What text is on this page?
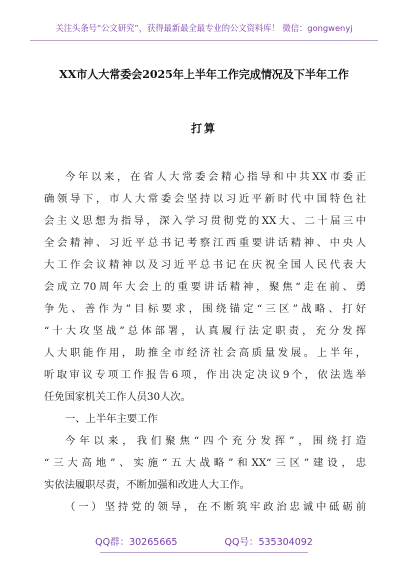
关注头条号“公文研究”，获得最新最全最专业的公文资料库！ 微信：gongwenyj
XX市人大常委会2025年上半年工作完成情况及下半年工作
打算
今年以来，在省人大常委会精心指导和中共XX市委正
确领导下，市人大常委会坚持以习近平新时代中国特色社
会主义思想为指导，深入学习贯彻党的XX大、二十届三中
全会精神、习近平总书记考察江西重要讲话精神、中央人
大工作会议精神以及习近平总书记在庆祝全国人民代表大
会成立70周年大会上的重要讲话精神，聚焦“走在前、勇
争先、善作为”目标要求，围绕锚定“三区”战略、打好
“十大攻坚战”总体部署，认真履行法定职责，充分发挥
人大职能作用，助推全市经济社会高质量发展。上半年，
听取审议专项工作报告6项，作出决定决议9个，依法选举
任免国家机关工作人员30人次。
一、上半年主要工作
今年以来，我们聚焦“四个充分发挥”，围绕打造
“三大高地”、实施“五大战略”和XX“三区”建设，忠
实依法履职尽责，不断加强和改进人大工作。
（一）坚持党的领导，在不断筑牢政治忠诚中砥砺前
QQ群：30265665	QQ号：535304092
